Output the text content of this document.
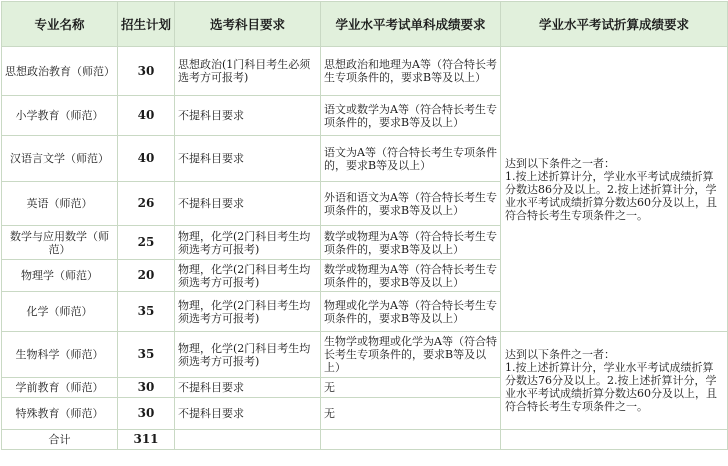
专业名称	招生计划	选考科目要求	学业水平考试单科成绩要求	学业水平考试折算成绩要求
思想政治教育（师范）	30	思想政治(1门科目考生必须选考方可报考)	思想政治和地理为A等（符合特长考生专项条件的，要求B等及以上）	达到以下条件之一者：
1.按上述折算计分，学业水平考试成绩折算分数达86分及以上。2.按上述折算计分，学业水平考试成绩折算分数达60分及以上，且符合特长考生专项条件之一。

小学教育（师范）	40	不提科目要求	语文或数学为A等（符合特长考生专项条件的，要求B等及以上）	
汉语言文学（师范）	40	不提科目要求	语文为A等（符合特长考生专项条件的，要求B等及以上）	
英语（师范）	26	不提科目要求	外语和语文为A等（符合特长考生专项条件的，要求B等及以上）	
数学与应用数学（师范）	25	物理，化学(2门科目考生均须选考方可报考)	数学或物理为A等（符合特长考生专项条件的，要求B等及以上）	
物理学（师范）	20	物理，化学(2门科目考生均须选考方可报考)	数学或物理为A等（符合特长考生专项条件的，要求B等及以上）	
化学（师范）	35	物理，化学(2门科目考生均须选考方可报考)	物理或化学为A等（符合特长考生专项条件的，要求B等及以上）	
生物科学（师范）	35	物理，化学(2门科目考生均须选考方可报考)	生物学或物理或化学为A等（符合特长考生专项条件的，要求B等及以上）	达到以下条件之一者：
1.按上述折算计分，学业水平考试成绩折算分数达76分及以上。2.按上述折算计分，学业水平考试成绩折算分数达60分及以上，且符合特长考生专项条件之一。

学前教育（师范）	30	不提科目要求	无	
特殊教育（师范）	30	不提科目要求	无	
合计	311			
